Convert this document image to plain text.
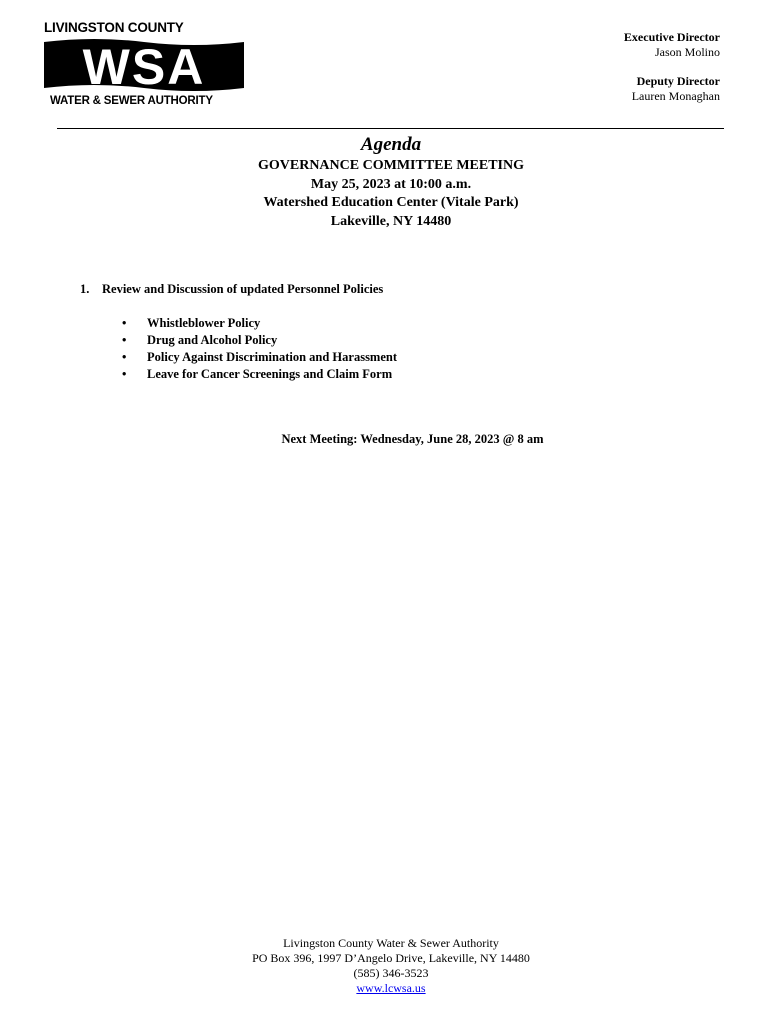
LIVINGSTON COUNTY
WSA
WATER & SEWER AUTHORITY
Executive Director
Jason Molino
Deputy Director
Lauren Monaghan
Agenda
GOVERNANCE COMMITTEE MEETING
May 25, 2023 at 10:00 a.m.
Watershed Education Center (Vitale Park)
Lakeville, NY 14480
1. Review and Discussion of updated Personnel Policies
• Whistleblower Policy
• Drug and Alcohol Policy
• Policy Against Discrimination and Harassment
• Leave for Cancer Screenings and Claim Form
Next Meeting: Wednesday, June 28, 2023 @ 8 am
Livingston County Water & Sewer Authority
PO Box 396, 1997 D’Angelo Drive, Lakeville, NY 14480
(585) 346-3523
www.lcwsa.us
